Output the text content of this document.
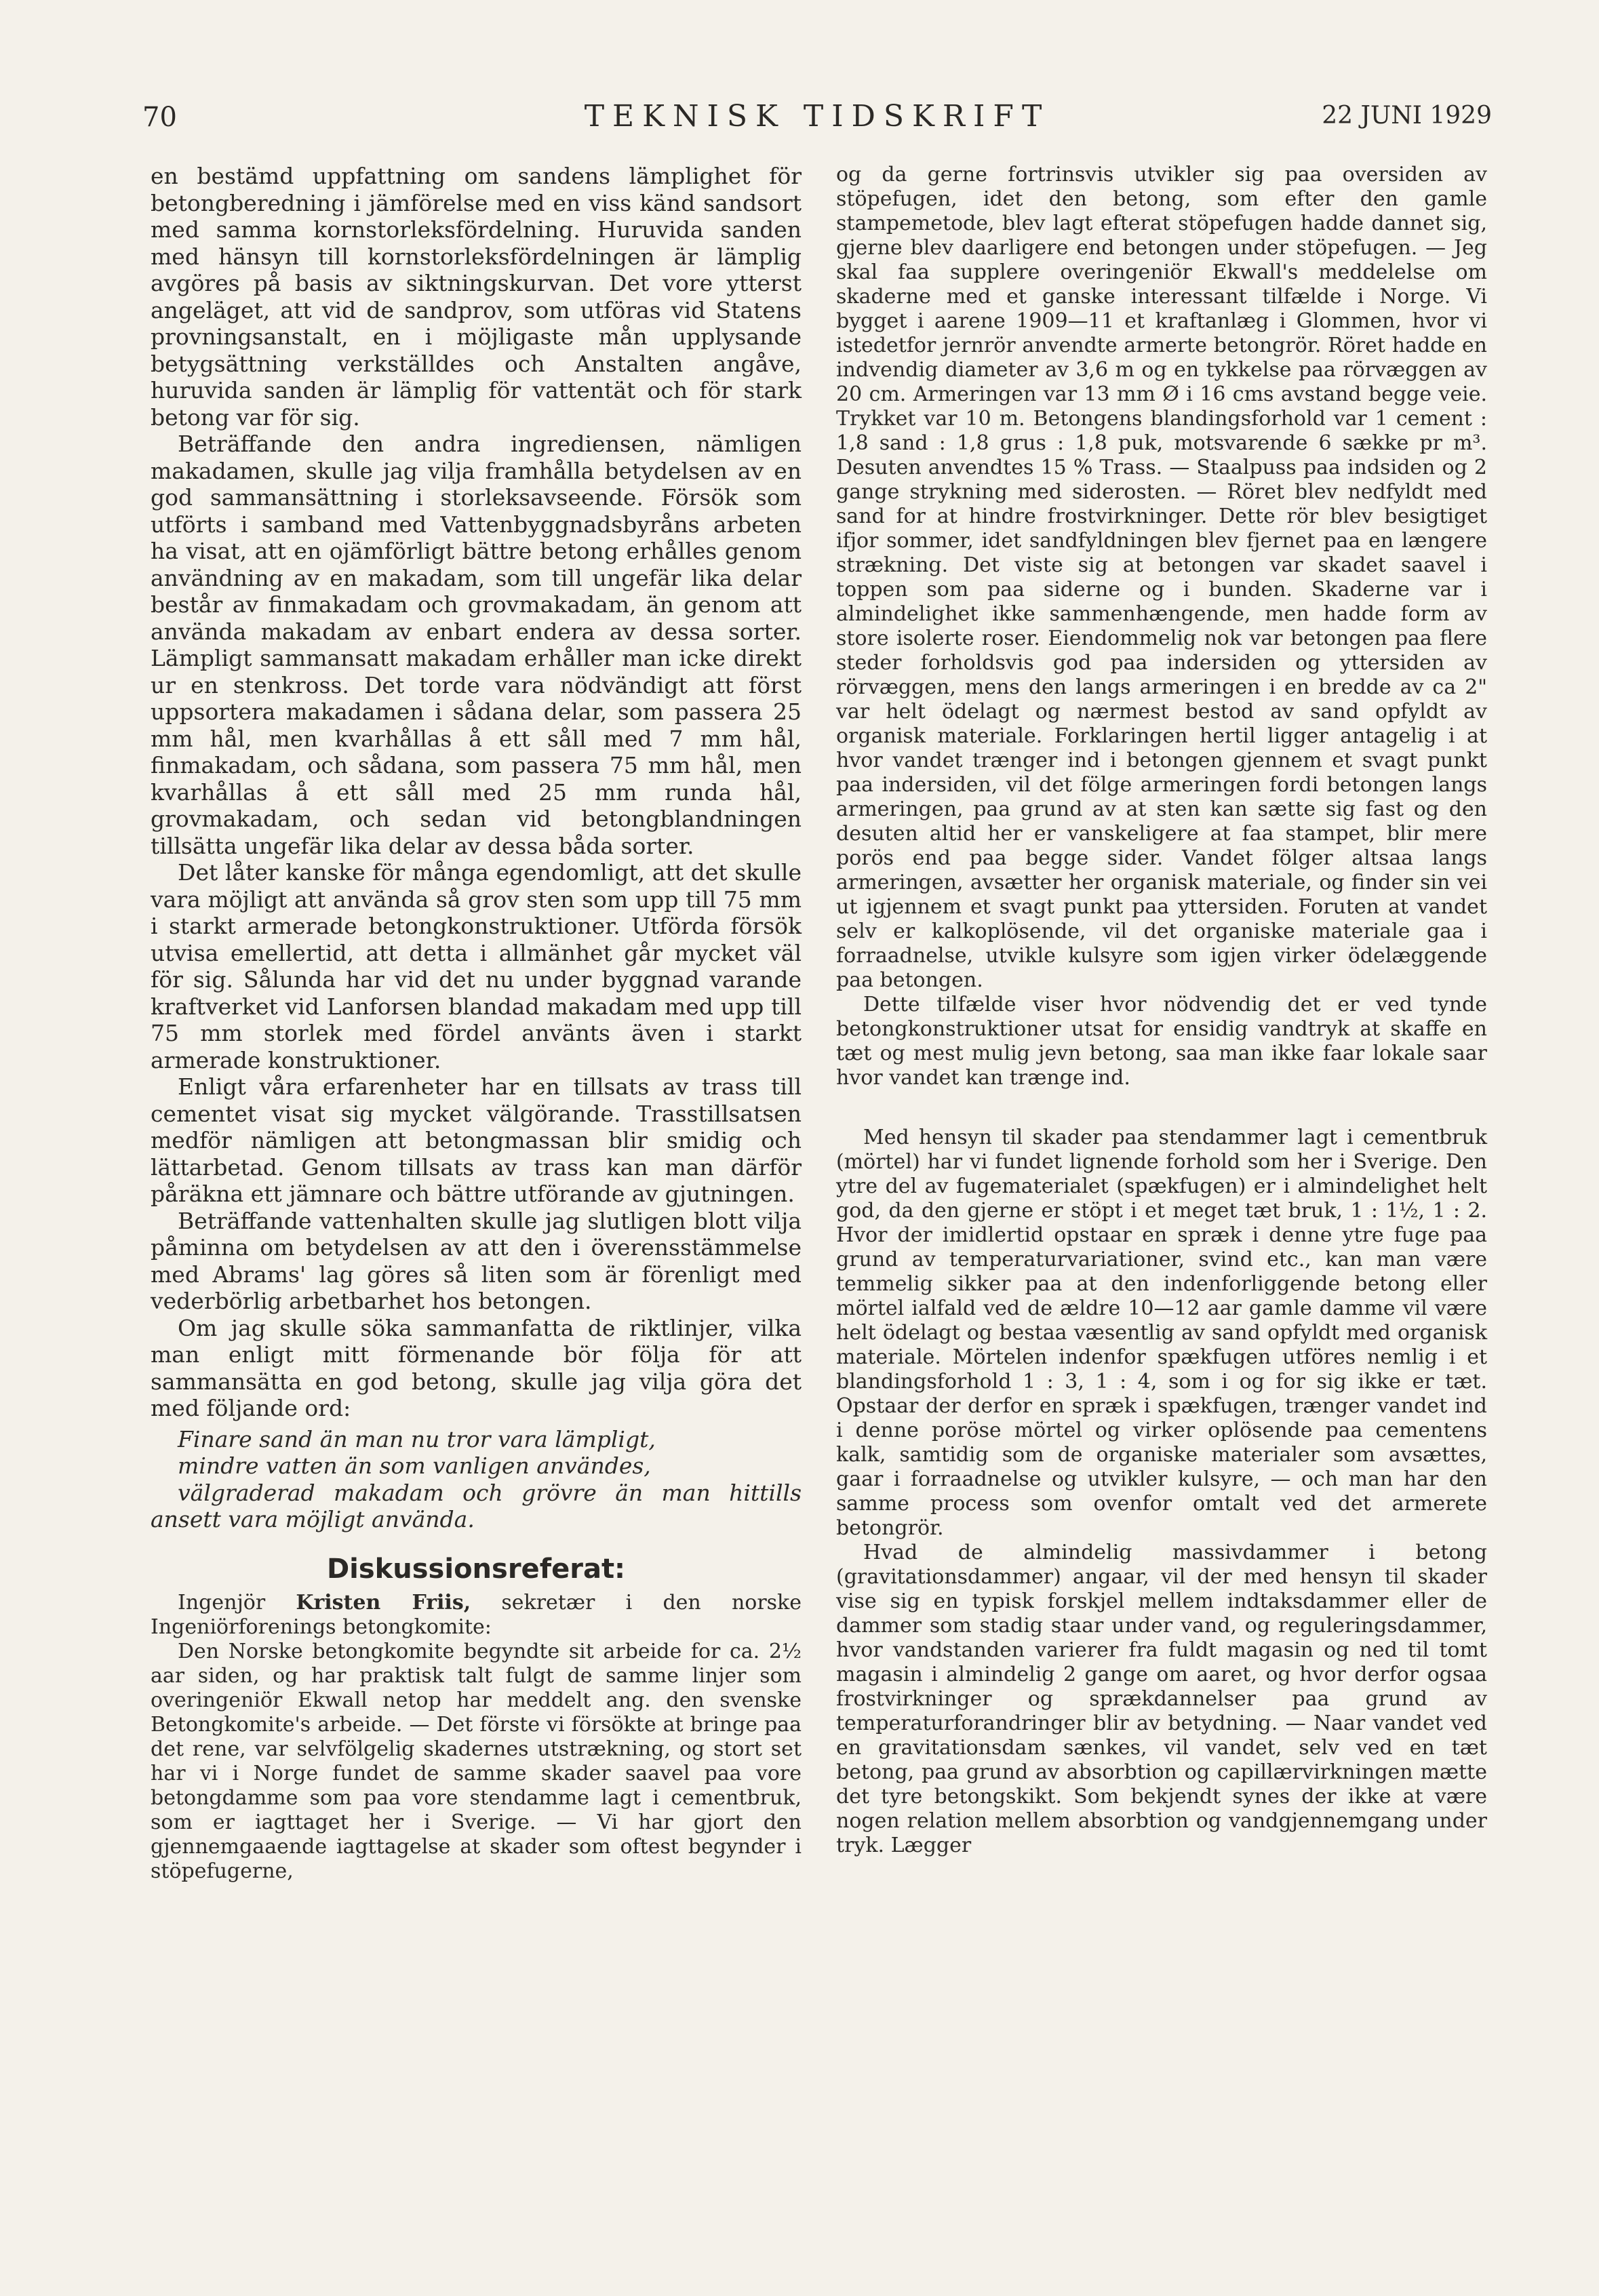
70	TEKNISK TIDSKRIFT	22 JUNI 1929

en bestämd uppfattning om sandens lämplighet för betongberedning i jämförelse med en viss känd sandsort med samma kornstorleksfördelning. Huruvida sanden med hänsyn till kornstorleksfördelningen är lämplig avgöres på basis av siktningskurvan. Det vore ytterst angeläget, att vid de sandprov, som utföras vid Statens provningsanstalt, en i möjligaste mån upplysande betygsättning verkställdes och Anstalten angåve, huruvida sanden är lämplig för vattentät och för stark betong var för sig.

Beträffande den andra ingrediensen, nämligen makadamen, skulle jag vilja framhålla betydelsen av en god sammansättning i storleksavseende. Försök som utförts i samband med Vattenbyggnadsbyråns arbeten ha visat, att en ojämförligt bättre betong erhålles genom användning av en makadam, som till ungefär lika delar består av finmakadam och grovmakadam, än genom att använda makadam av enbart endera av dessa sorter. Lämpligt sammansatt makadam erhåller man icke direkt ur en stenkross. Det torde vara nödvändigt att först uppsortera makadamen i sådana delar, som passera 25 mm hål, men kvarhållas å ett såll med 7 mm hål, finmakadam, och sådana, som passera 75 mm hål, men kvarhållas å ett såll med 25 mm runda hål, grovmakadam, och sedan vid betongblandningen tillsätta ungefär lika delar av dessa båda sorter.

Det låter kanske för många egendomligt, att det skulle vara möjligt att använda så grov sten som upp till 75 mm i starkt armerade betongkonstruktioner. Utförda försök utvisa emellertid, att detta i allmänhet går mycket väl för sig. Sålunda har vid det nu under byggnad varande kraftverket vid Lanforsen blandad makadam med upp till 75 mm storlek med fördel använts även i starkt armerade konstruktioner.

Enligt våra erfarenheter har en tillsats av trass till cementet visat sig mycket välgörande. Trasstillsatsen medför nämligen att betongmassan blir smidig och lättarbetad. Genom tillsats av trass kan man därför påräkna ett jämnare och bättre utförande av gjutningen.

Beträffande vattenhalten skulle jag slutligen blott vilja påminna om betydelsen av att den i överensstämmelse med Abrams' lag göres så liten som är förenligt med vederbörlig arbetbarhet hos betongen.

Om jag skulle söka sammanfatta de riktlinjer, vilka man enligt mitt förmenande bör följa för att sammansätta en god betong, skulle jag vilja göra det med följande ord:

Finare sand än man nu tror vara lämpligt,
mindre vatten än som vanligen användes,
välgraderad makadam och grövre än man hittills ansett vara möjligt använda.
Diskussionsreferat:

Ingenjör Kristen Friis, sekretær i den norske Ingeniörforenings betongkomite:

Den Norske betongkomite begyndte sit arbeide for ca. 2½ aar siden, og har praktisk talt fulgt de samme linjer som overingeniör Ekwall netop har meddelt ang. den svenske Betongkomite's arbeide. — Det förste vi försökte at bringe paa det rene, var selvfölgelig skadernes utstrækning, og stort set har vi i Norge fundet de samme skader saavel paa vore betongdamme som paa vore stendamme lagt i cementbruk, som er iagttaget her i Sverige. — Vi har gjort den gjennemgaaende iagttagelse at skader som oftest begynder i stöpefugerne,

og da gerne fortrinsvis utvikler sig paa oversiden av stöpefugen, idet den betong, som efter den gamle stampemetode, blev lagt efterat stöpefugen hadde dannet sig, gjerne blev daarligere end betongen under stöpefugen. — Jeg skal faa supplere overingeniör Ekwall's meddelelse om skaderne med et ganske interessant tilfælde i Norge. Vi bygget i aarene 1909—11 et kraftanlæg i Glommen, hvor vi istedetfor jernrör anvendte armerte betongrör. Röret hadde en indvendig diameter av 3,6 m og en tykkelse paa rörvæggen av 20 cm. Armeringen var 13 mm Ø i 16 cms avstand begge veie. Trykket var 10 m. Betongens blandingsforhold var 1 cement : 1,8 sand : 1,8 grus : 1,8 puk, motsvarende 6 sække pr m³. Desuten anvendtes 15 % Trass. — Staalpuss paa indsiden og 2 gange strykning med siderosten. — Röret blev nedfyldt med sand for at hindre frostvirkninger. Dette rör blev besigtiget ifjor sommer, idet sandfyldningen blev fjernet paa en længere strækning. Det viste sig at betongen var skadet saavel i toppen som paa siderne og i bunden. Skaderne var i almindelighet ikke sammenhængende, men hadde form av store isolerte roser. Eiendommelig nok var betongen paa flere steder forholdsvis god paa indersiden og yttersiden av rörvæggen, mens den langs armeringen i en bredde av ca 2" var helt ödelagt og nærmest bestod av sand opfyldt av organisk materiale. Forklaringen hertil ligger antagelig i at hvor vandet trænger ind i betongen gjennem et svagt punkt paa indersiden, vil det fölge armeringen fordi betongen langs armeringen, paa grund av at sten kan sætte sig fast og den desuten altid her er vanskeligere at faa stampet, blir mere porös end paa begge sider. Vandet fölger altsaa langs armeringen, avsætter her organisk materiale, og finder sin vei ut igjennem et svagt punkt paa yttersiden. Foruten at vandet selv er kalkoplösende, vil det organiske materiale gaa i forraadnelse, utvikle kulsyre som igjen virker ödelæggende paa betongen.

Dette tilfælde viser hvor nödvendig det er ved tynde betongkonstruktioner utsat for ensidig vandtryk at skaffe en tæt og mest mulig jevn betong, saa man ikke faar lokale saar hvor vandet kan trænge ind.

Med hensyn til skader paa stendammer lagt i cementbruk (mörtel) har vi fundet lignende forhold som her i Sverige. Den ytre del av fugematerialet (spækfugen) er i almindelighet helt god, da den gjerne er stöpt i et meget tæt bruk, 1 : 1½, 1 : 2. Hvor der imidlertid opstaar en spræk i denne ytre fuge paa grund av temperaturvariationer, svind etc., kan man være temmelig sikker paa at den indenforliggende betong eller mörtel ialfald ved de ældre 10—12 aar gamle damme vil være helt ödelagt og bestaa væsentlig av sand opfyldt med organisk materiale. Mörtelen indenfor spækfugen utföres nemlig i et blandingsforhold 1 : 3, 1 : 4, som i og for sig ikke er tæt. Opstaar der derfor en spræk i spækfugen, trænger vandet ind i denne poröse mörtel og virker oplösende paa cementens kalk, samtidig som de organiske materialer som avsættes, gaar i forraadnelse og utvikler kulsyre, — och man har den samme process som ovenfor omtalt ved det armerete betongrör.

Hvad de almindelig massivdammer i betong (gravitationsdammer) angaar, vil der med hensyn til skader vise sig en typisk forskjel mellem indtaksdammer eller de dammer som stadig staar under vand, og reguleringsdammer, hvor vandstanden varierer fra fuldt magasin og ned til tomt magasin i almindelig 2 gange om aaret, og hvor derfor ogsaa frostvirkninger og sprækdannelser paa grund av temperaturforandringer blir av betydning. — Naar vandet ved en gravitationsdam sænkes, vil vandet, selv ved en tæt betong, paa grund av absorbtion og capillærvirkningen mætte det tyre betongskikt. Som bekjendt synes der ikke at være nogen relation mellem absorbtion og vandgjennemgang under tryk. Lægger
